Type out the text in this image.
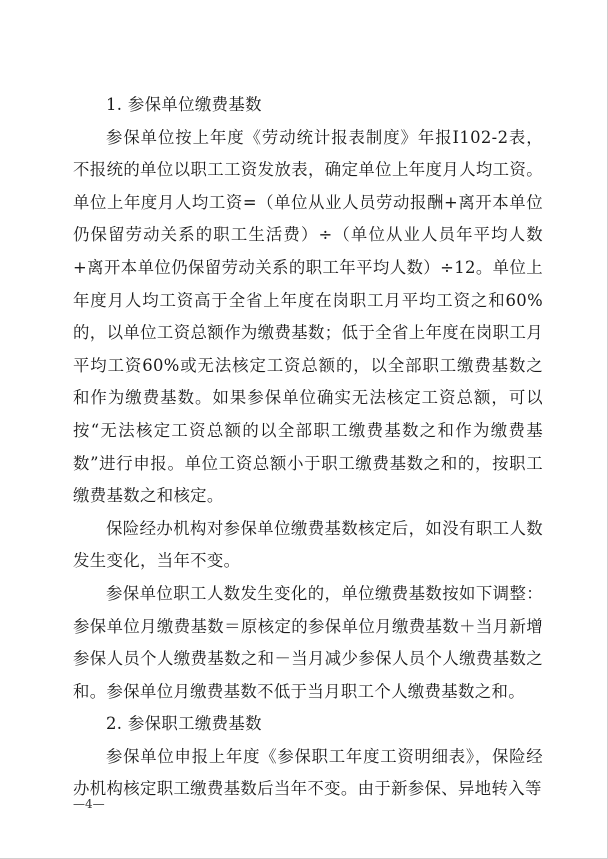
1. 参保单位缴费基数

参保单位按上年度《劳动统计报表制度》年报I102-2表，不报统的单位以职工工资发放表，确定单位上年度月人均工资。单位上年度月人均工资=（单位从业人员劳动报酬+离开本单位仍保留劳动关系的职工生活费）÷（单位从业人员年平均人数+离开本单位仍保留劳动关系的职工年平均人数）÷12。单位上年度月人均工资高于全省上年度在岗职工月平均工资之和60%的，以单位工资总额作为缴费基数；低于全省上年度在岗职工月平均工资60%或无法核定工资总额的，以全部职工缴费基数之和作为缴费基数。如果参保单位确实无法核定工资总额，可以按“无法核定工资总额的以全部职工缴费基数之和作为缴费基数”进行申报。单位工资总额小于职工缴费基数之和的，按职工缴费基数之和核定。

保险经办机构对参保单位缴费基数核定后，如没有职工人数发生变化，当年不变。

参保单位职工人数发生变化的，单位缴费基数按如下调整：参保单位月缴费基数＝原核定的参保单位月缴费基数＋当月新增参保人员个人缴费基数之和－当月减少参保人员个人缴费基数之和。参保单位月缴费基数不低于当月职工个人缴费基数之和。

2. 参保职工缴费基数

参保单位申报上年度《参保职工年度工资明细表》，保险经办机构核定职工缴费基数后当年不变。由于新参保、异地转入等

—4—
